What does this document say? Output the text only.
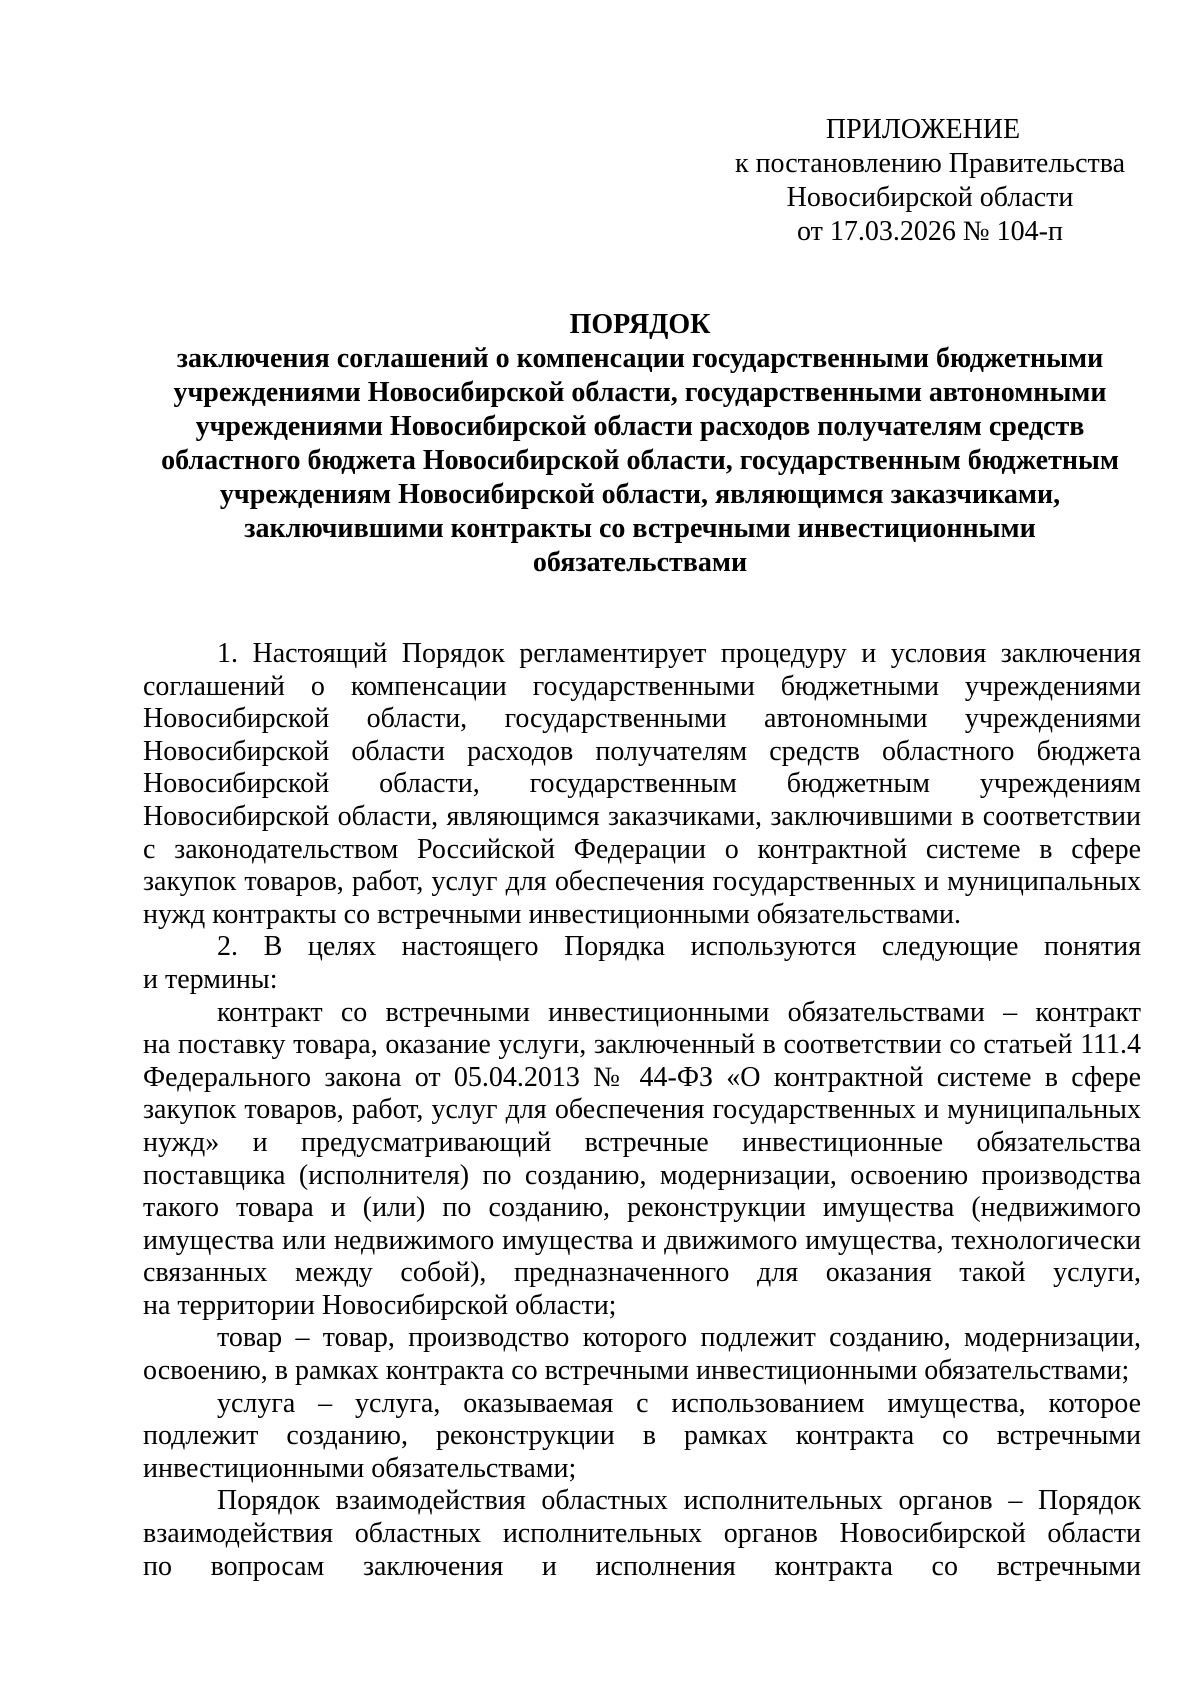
ПРИЛОЖЕНИЕ
к постановлению Правительства
Новосибирской области
от 17.03.2026 № 104-п
ПОРЯДОК
заключения соглашений о компенсации государственными бюджетными
учреждениями Новосибирской области, государственными автономными
учреждениями Новосибирской области расходов получателям средств
областного бюджета Новосибирской области, государственным бюджетным
учреждениям Новосибирской области, являющимся заказчиками,
заключившими контракты со встречными инвестиционными
обязательствами
1. Настоящий Порядок регламентирует процедуру и условия заключения
соглашений о компенсации государственными бюджетными учреждениями
Новосибирской области, государственными автономными учреждениями
Новосибирской области расходов получателям средств областного бюджета
Новосибирской области, государственным бюджетным учреждениям
Новосибирской области, являющимся заказчиками, заключившими в соответствии
с законодательством Российской Федерации о контрактной системе в сфере
закупок товаров, работ, услуг для обеспечения государственных и муниципальных
нужд контракты со встречными инвестиционными обязательствами.
2. В целях настоящего Порядка используются следующие понятия
и термины:
контракт со встречными инвестиционными обязательствами – контракт
на поставку товара, оказание услуги, заключенный в соответствии со статьей 111.4
Федерального закона от 05.04.2013 № 44-ФЗ «О контрактной системе в сфере
закупок товаров, работ, услуг для обеспечения государственных и муниципальных
нужд» и предусматривающий встречные инвестиционные обязательства
поставщика (исполнителя) по созданию, модернизации, освоению производства
такого товара и (или) по созданию, реконструкции имущества (недвижимого
имущества или недвижимого имущества и движимого имущества, технологически
связанных между собой), предназначенного для оказания такой услуги,
на территории Новосибирской области;
товар – товар, производство которого подлежит созданию, модернизации,
освоению, в рамках контракта со встречными инвестиционными обязательствами;
услуга – услуга, оказываемая с использованием имущества, которое
подлежит созданию, реконструкции в рамках контракта со встречными
инвестиционными обязательствами;
Порядок взаимодействия областных исполнительных органов – Порядок
взаимодействия областных исполнительных органов Новосибирской области
по вопросам заключения и исполнения контракта со встречными
